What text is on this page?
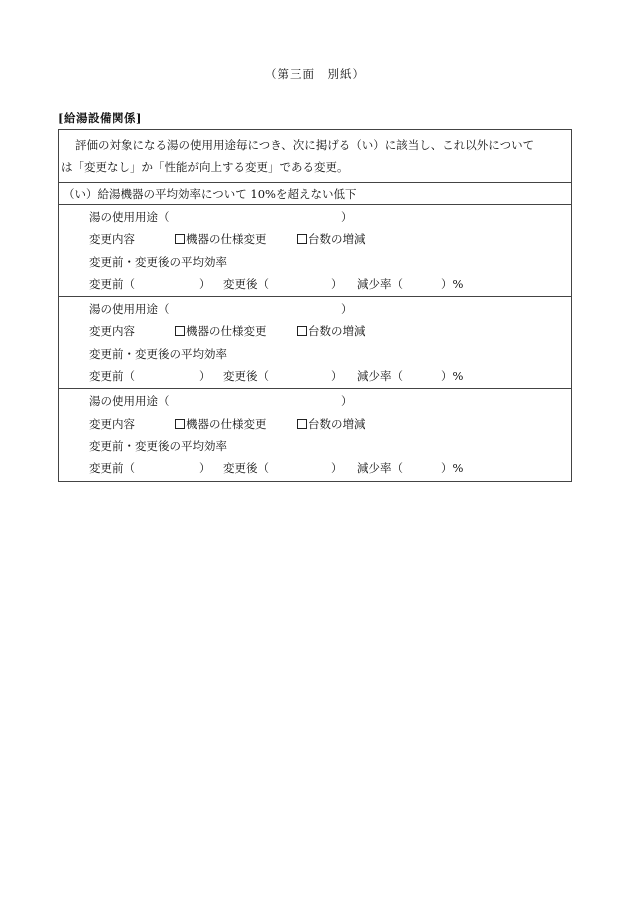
（第三面　別紙）
[給湯設備関係]
評価の対象になる湯の使用用途毎につき、次に掲げる（い）に該当し、これ以外について
は「変更なし」か「性能が向上する変更」である変更。
（い）給湯機器の平均効率について 10%を超えない低下
湯の使用用途（	）
変更内容	機器の仕様変更	台数の増減
変更前・変更後の平均効率
変更前（	） 変更後（	） 減少率（	）%
湯の使用用途（	）
変更内容	機器の仕様変更	台数の増減
変更前・変更後の平均効率
変更前（	） 変更後（	） 減少率（	）%
湯の使用用途（	）
変更内容	機器の仕様変更	台数の増減
変更前・変更後の平均効率
変更前（	） 変更後（	） 減少率（	）%
